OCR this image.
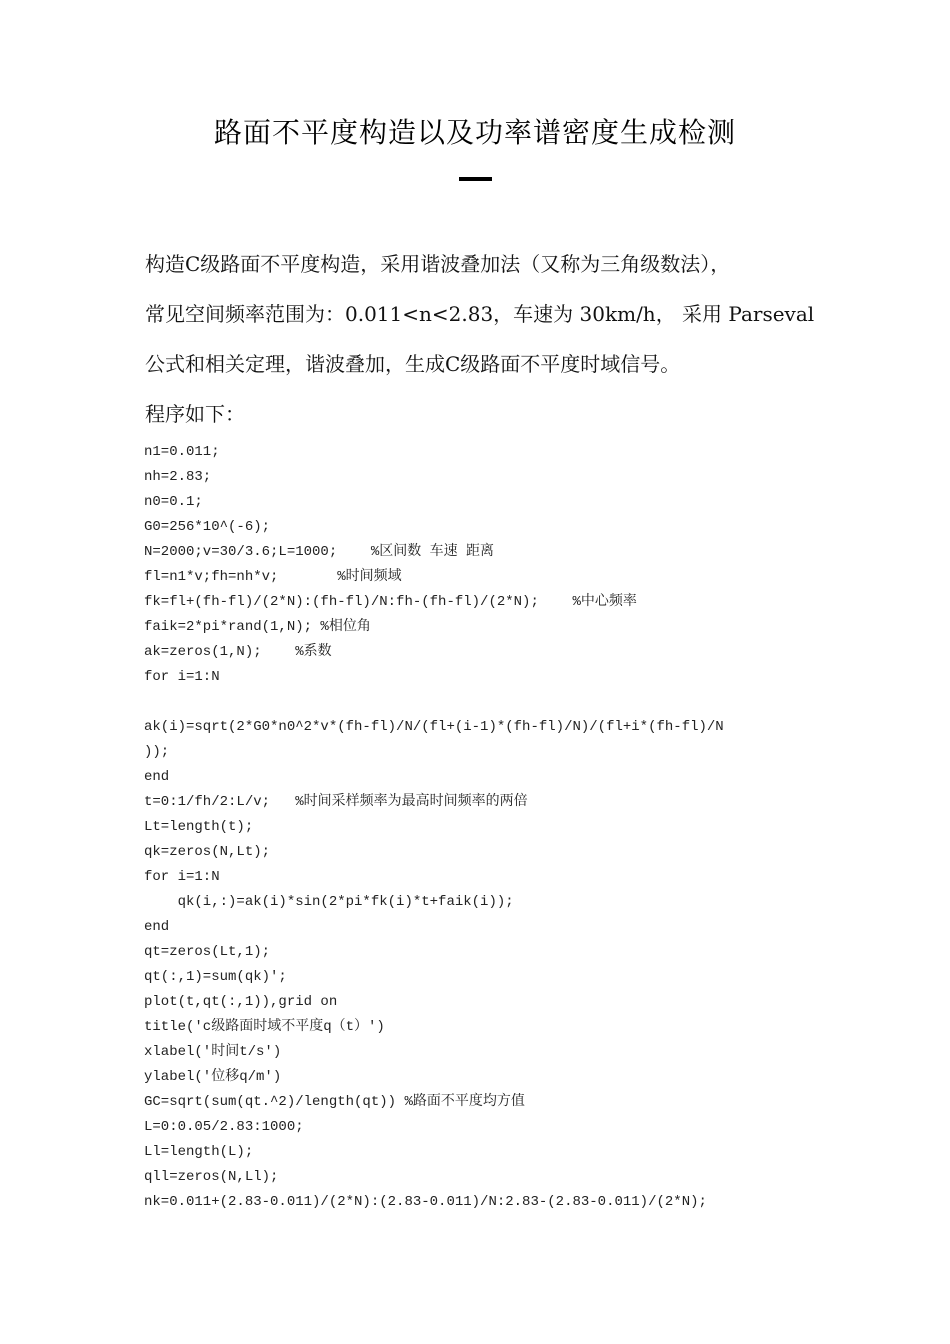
路面不平度构造以及功率谱密度生成检测

构造C级路面不平度构造，采用谐波叠加法（又称为三角级数法），

常见空间频率范围为：0.011<n<2.83，车速为 30km/h， 采用 Parseval

公式和相关定理，谐波叠加，生成C级路面不平度时域信号。

程序如下：

n1=0.011;
nh=2.83;
n0=0.1;
G0=256*10^(-6);
N=2000;v=30/3.6;L=1000;    %区间数 车速 距离
fl=n1*v;fh=nh*v;       %时间频域
fk=fl+(fh-fl)/(2*N):(fh-fl)/N:fh-(fh-fl)/(2*N);    %中心频率
faik=2*pi*rand(1,N); %相位角
ak=zeros(1,N);    %系数
for i=1:N
ak(i)=sqrt(2*G0*n0^2*v*(fh-fl)/N/(fl+(i-1)*(fh-fl)/N)/(fl+i*(fh-fl)/N
));
end
t=0:1/fh/2:L/v;   %时间采样频率为最高时间频率的两倍
Lt=length(t);
qk=zeros(N,Lt);
for i=1:N
qk(i,:)=ak(i)*sin(2*pi*fk(i)*t+faik(i));
end
qt=zeros(Lt,1);
qt(:,1)=sum(qk)';
plot(t,qt(:,1)),grid on
title('c级路面时域不平度q（t）')
xlabel('时间t/s')
ylabel('位移q/m')
GC=sqrt(sum(qt.^2)/length(qt)) %路面不平度均方值
L=0:0.05/2.83:1000;
Ll=length(L);
qll=zeros(N,Ll);
nk=0.011+(2.83-0.011)/(2*N):(2.83-0.011)/N:2.83-(2.83-0.011)/(2*N);
